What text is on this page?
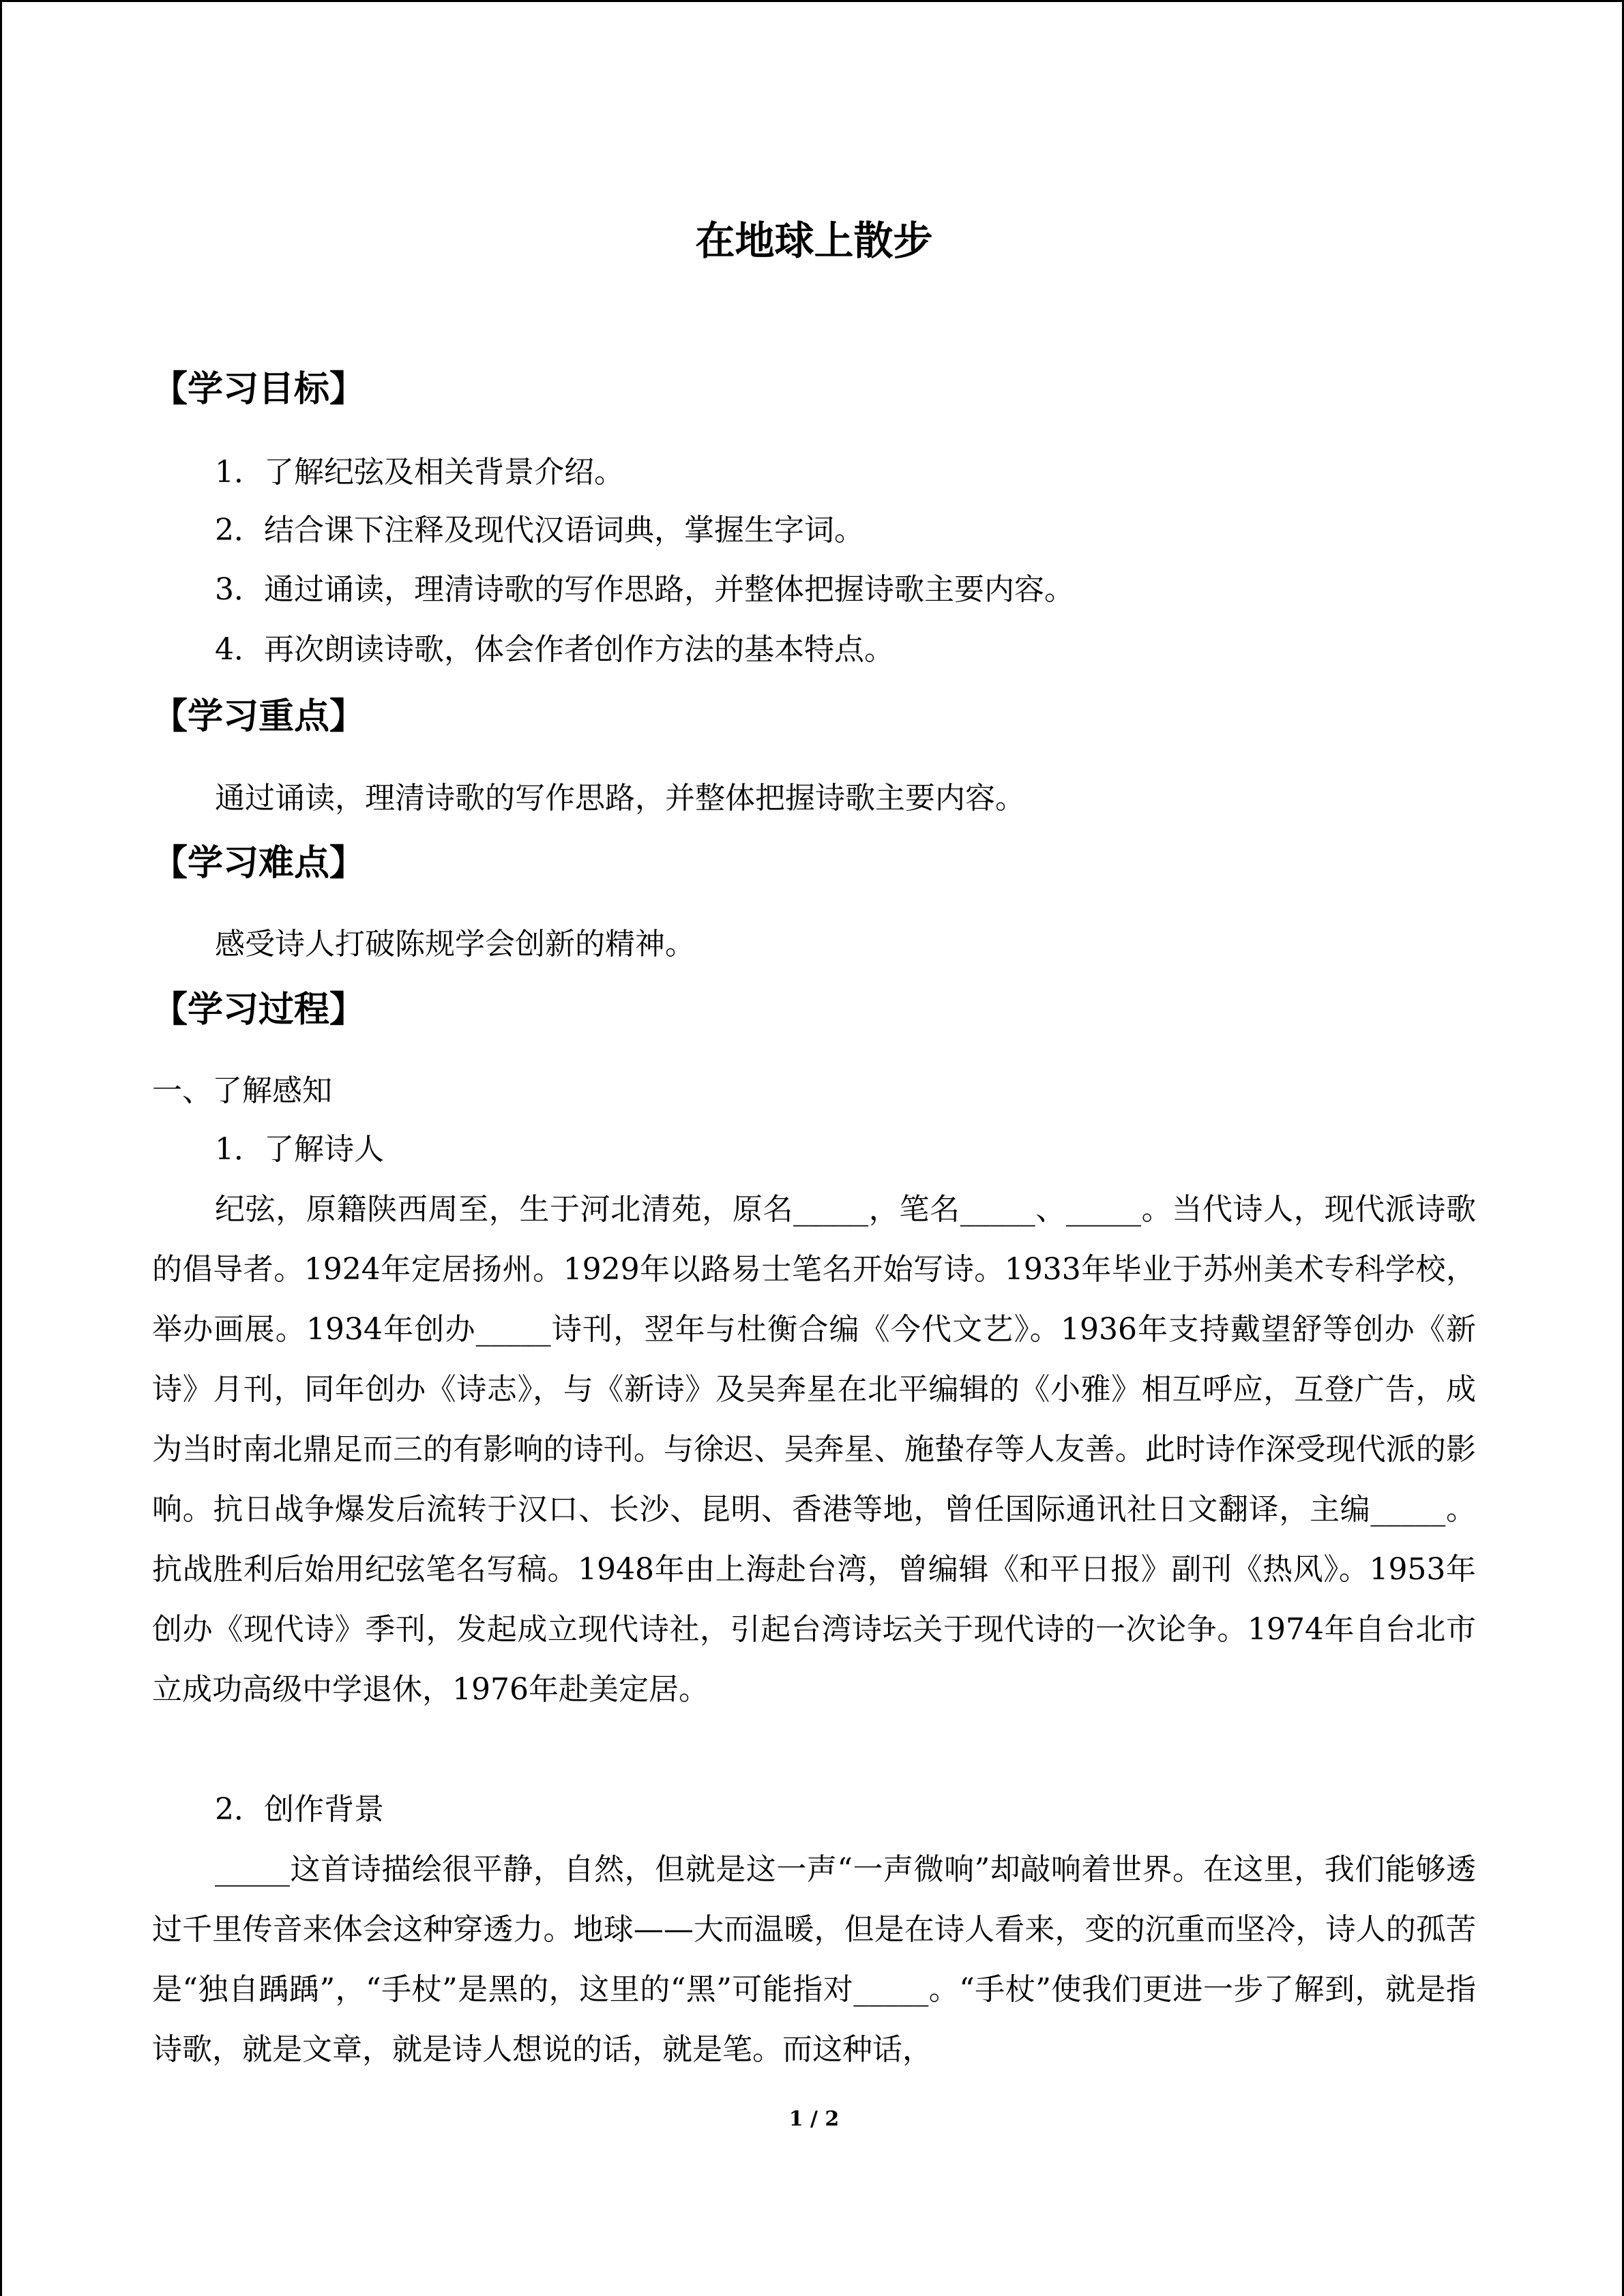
在地球上散步
【学习目标】

1．了解纪弦及相关背景介绍。

2．结合课下注释及现代汉语词典，掌握生字词。

3．通过诵读，理清诗歌的写作思路，并整体把握诗歌主要内容。

4．再次朗读诗歌，体会作者创作方法的基本特点。

【学习重点】

通过诵读，理清诗歌的写作思路，并整体把握诗歌主要内容。

【学习难点】

感受诗人打破陈规学会创新的精神。

【学习过程】

一、了解感知

1．了解诗人

纪弦，原籍陕西周至，生于河北清苑，原名_____，笔名_____、_____。当代诗人，现代派诗歌的倡导者。1924年定居扬州。1929年以路易士笔名开始写诗。1933年毕业于苏州美术专科学校，举办画展。1934年创办_____诗刊，翌年与杜衡合编《今代文艺》。1936年支持戴望舒等创办《新诗》月刊，同年创办《诗志》，与《新诗》及吴奔星在北平编辑的《小雅》相互呼应，互登广告，成为当时南北鼎足而三的有影响的诗刊。与徐迟、吴奔星、施蛰存等人友善。此时诗作深受现代派的影响。抗日战争爆发后流转于汉口、长沙、昆明、香港等地，曾任国际通讯社日文翻译，主编_____。抗战胜利后始用纪弦笔名写稿。1948年由上海赴台湾，曾编辑《和平日报》副刊《热风》。1953年创办《现代诗》季刊，发起成立现代诗社，引起台湾诗坛关于现代诗的一次论争。1974年自台北市立成功高级中学退休，1976年赴美定居。

2．创作背景

_____这首诗描绘很平静，自然，但就是这一声“一声微响”却敲响着世界。在这里，我们能够透过千里传音来体会这种穿透力。地球——大而温暖，但是在诗人看来，变的沉重而坚冷，诗人的孤苦是“独自踽踽”，“手杖”是黑的，这里的“黑”可能指对_____。“手杖”使我们更进一步了解到，就是指诗歌，就是文章，就是诗人想说的话，就是笔。而这种话，

1 / 2
